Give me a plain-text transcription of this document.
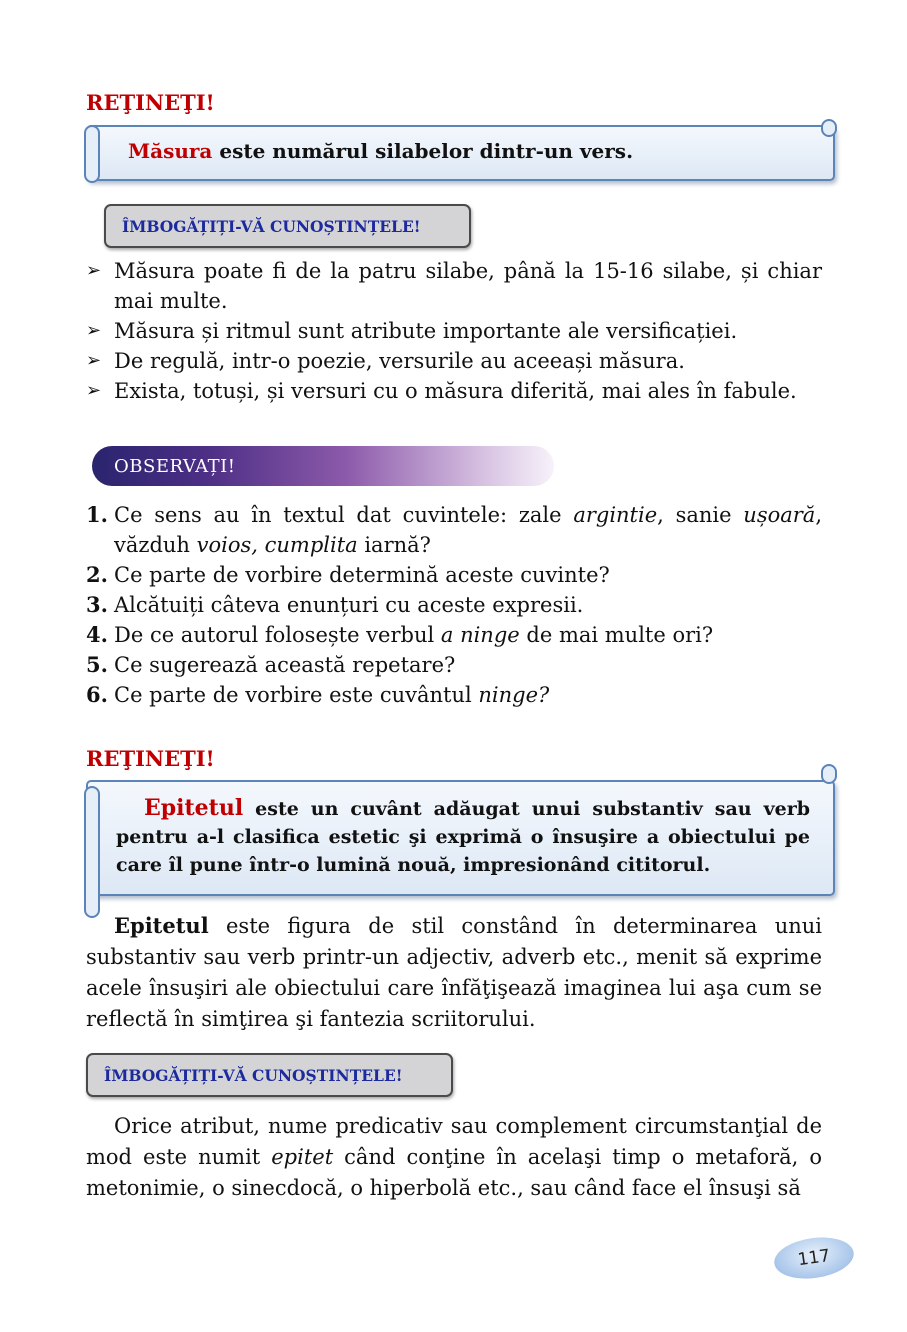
REŢINEŢI!
Măsura este numărul silabelor dintr-un vers.
ÎMBOGĂȚIȚI-VĂ CUNOȘTINȚELE!
➢ Măsura poate fi de la patru silabe, până la 15-16 silabe, și chiar mai multe.
➢ Măsura și ritmul sunt atribute importante ale versificației.
➢ De regulă, intr-o poezie, versurile au aceeași măsura.
➢ Exista, totuși, și versuri cu o măsura diferită, mai ales în fabule.
OBSERVAȚI!
1. Ce sens au în textul dat cuvintele: zale argintie, sanie ușoară, văzduh voios, cumplita iarnă?
2. Ce parte de vorbire determină aceste cuvinte?
3. Alcătuiți câteva enunțuri cu aceste expresii.
4. De ce autorul folosește verbul a ninge de mai multe ori?
5. Ce sugerează această repetare?
6. Ce parte de vorbire este cuvântul ninge?
REŢINEŢI!
Epitetul este un cuvânt adăugat unui substantiv sau verb pentru a-l clasifica estetic şi exprimă o însuşire a obiectului pe care îl pune într-o lumină nouă, impresionând cititorul.
Epitetul este figura de stil constând în determinarea unui substantiv sau verb printr-un adjectiv, adverb etc., menit să exprime acele însuşiri ale obiectului care înfăţişează imaginea lui aşa cum se reflectă în simţirea şi fantezia scriitorului.
ÎMBOGĂȚIȚI-VĂ CUNOȘTINȚELE!
Orice atribut, nume predicativ sau complement circumstanţial de mod este numit epitet când conţine în acelaşi timp o metaforă, o metonimie, o sinecdocă, o hiperbolă etc., sau când face el însuşi să
117
